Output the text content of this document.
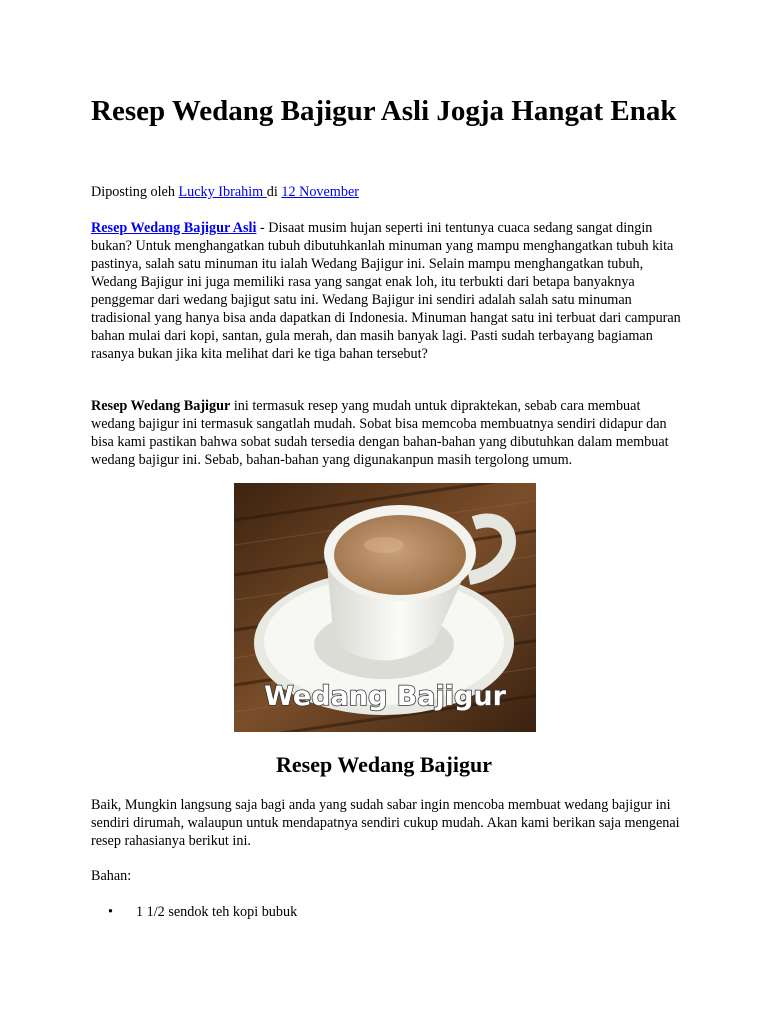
Resep Wedang Bajigur Asli Jogja Hangat Enak

Diposting oleh Lucky Ibrahim di 12 November

Resep Wedang Bajigur Asli - Disaat musim hujan seperti ini tentunya cuaca sedang sangat dingin bukan? Untuk menghangatkan tubuh dibutuhkanlah minuman yang mampu menghangatkan tubuh kita pastinya, salah satu minuman itu ialah Wedang Bajigur ini. Selain mampu menghangatkan tubuh, Wedang Bajigur ini juga memiliki rasa yang sangat enak loh, itu terbukti dari betapa banyaknya penggemar dari wedang bajigut satu ini. Wedang Bajigur ini sendiri adalah salah satu minuman tradisional yang hanya bisa anda dapatkan di Indonesia. Minuman hangat satu ini terbuat dari campuran bahan mulai dari kopi, santan, gula merah, dan masih banyak lagi. Pasti sudah terbayang bagiaman rasanya bukan jika kita melihat dari ke tiga bahan tersebut?

Resep Wedang Bajigur ini termasuk resep yang mudah untuk dipraktekan, sebab cara membuat wedang bajigur ini termasuk sangatlah mudah. Sobat bisa memcoba membuatnya sendiri didapur dan bisa kami pastikan bahwa sobat sudah tersedia dengan bahan-bahan yang dibutuhkan dalam membuat wedang bajigur ini. Sebab, bahan-bahan yang digunakanpun masih tergolong umum.

Wedang Bajigur
Resep Wedang Bajigur

Baik, Mungkin langsung saja bagi anda yang sudah sabar ingin mencoba membuat wedang bajigur ini sendiri dirumah, walaupun untuk mendapatnya sendiri cukup mudah. Akan kami berikan saja mengenai resep rahasianya berikut ini.

Bahan:

• 1 1/2 sendok teh kopi bubuk
